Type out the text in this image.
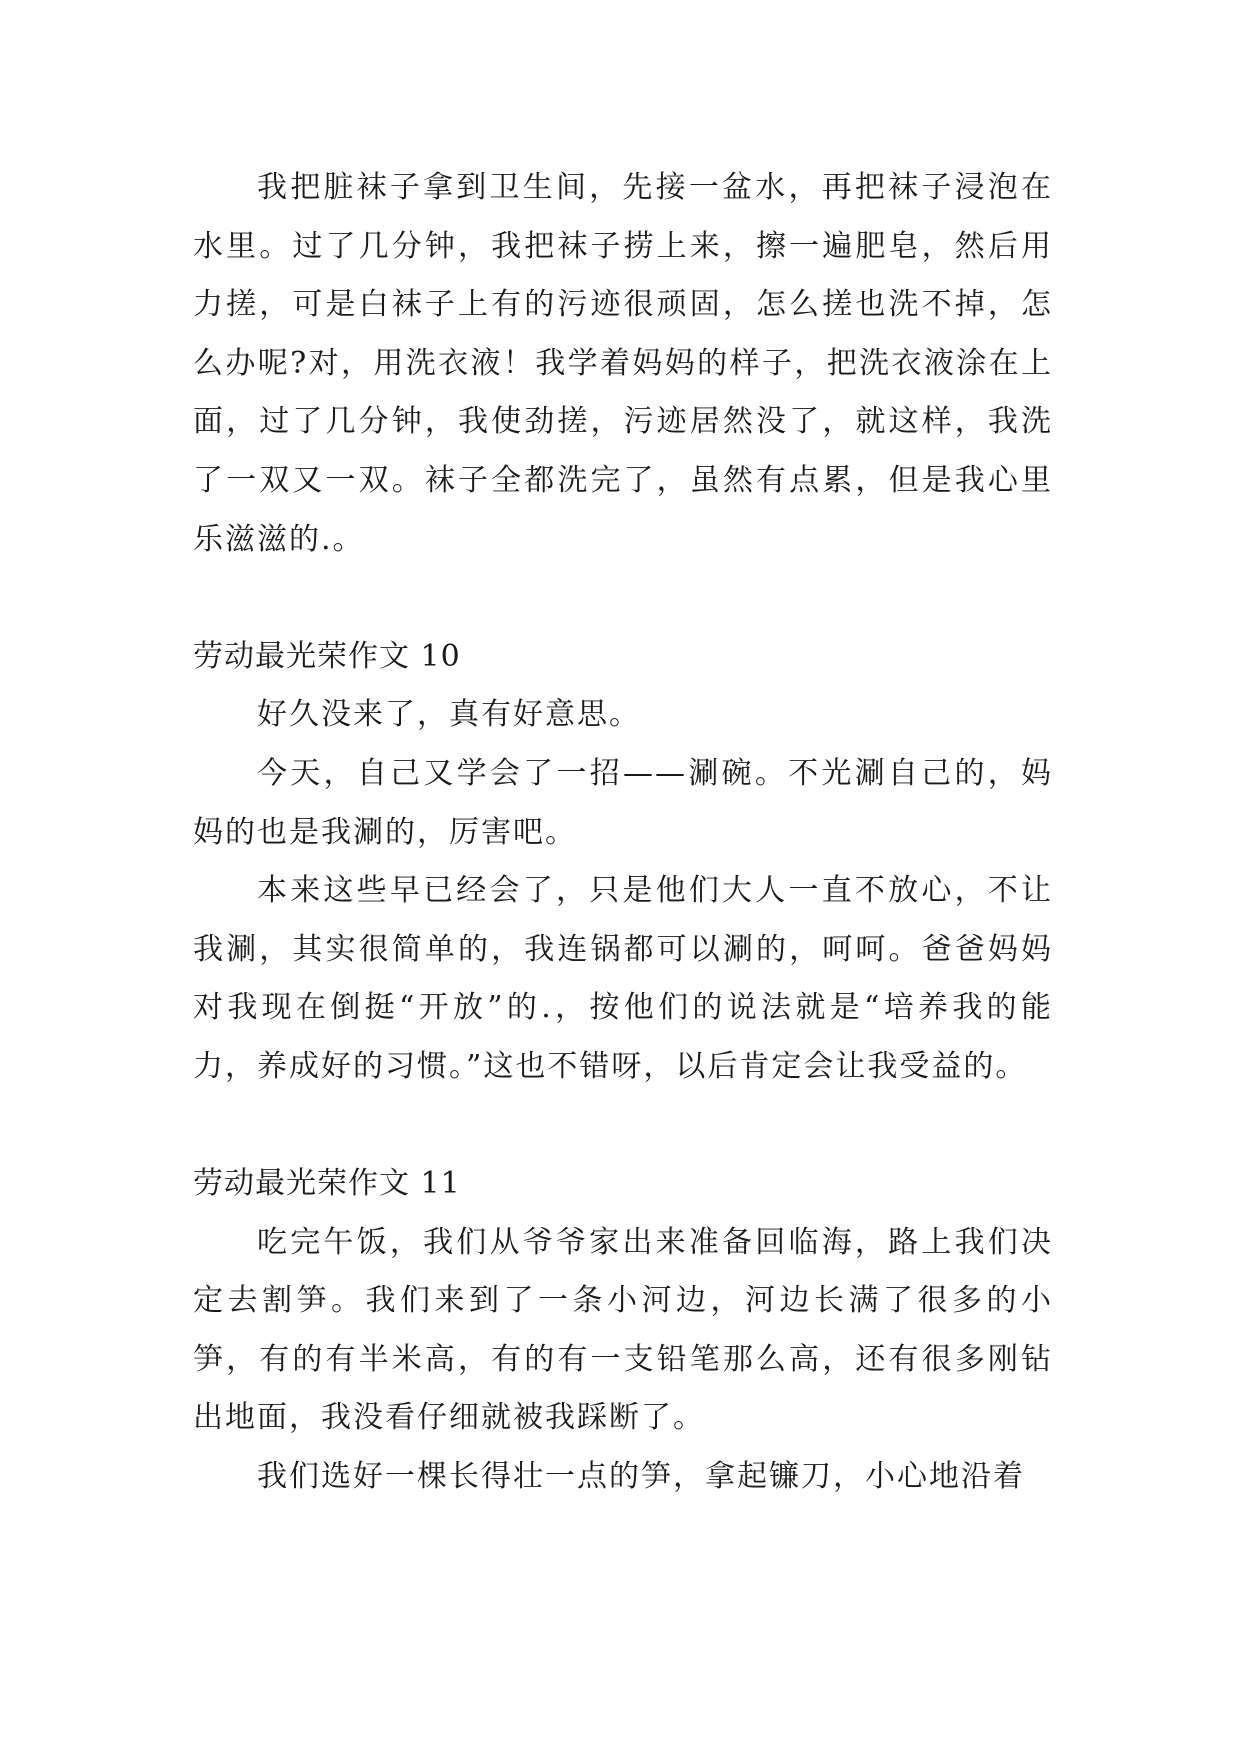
我把脏袜子拿到卫生间，先接一盆水，再把袜子浸泡在水里。过了几分钟，我把袜子捞上来，擦一遍肥皂，然后用力搓，可是白袜子上有的污迹很顽固，怎么搓也洗不掉，怎么办呢?对，用洗衣液！我学着妈妈的样子，把洗衣液涂在上面，过了几分钟，我使劲搓，污迹居然没了，就这样，我洗了一双又一双。袜子全都洗完了，虽然有点累，但是我心里乐滋滋的.。

劳动最光荣作文 10

好久没来了，真有好意思。

今天，自己又学会了一招——涮碗。不光涮自己的，妈妈的也是我涮的，厉害吧。

本来这些早已经会了，只是他们大人一直不放心，不让我涮，其实很简单的，我连锅都可以涮的，呵呵。爸爸妈妈对我现在倒挺“开放”的.，按他们的说法就是“培养我的能力，养成好的习惯。”这也不错呀，以后肯定会让我受益的。

劳动最光荣作文 11

吃完午饭，我们从爷爷家出来准备回临海，路上我们决定去割笋。我们来到了一条小河边，河边长满了很多的小笋，有的有半米高，有的有一支铅笔那么高，还有很多刚钻出地面，我没看仔细就被我踩断了。

我们选好一棵长得壮一点的笋，拿起镰刀，小心地沿着
